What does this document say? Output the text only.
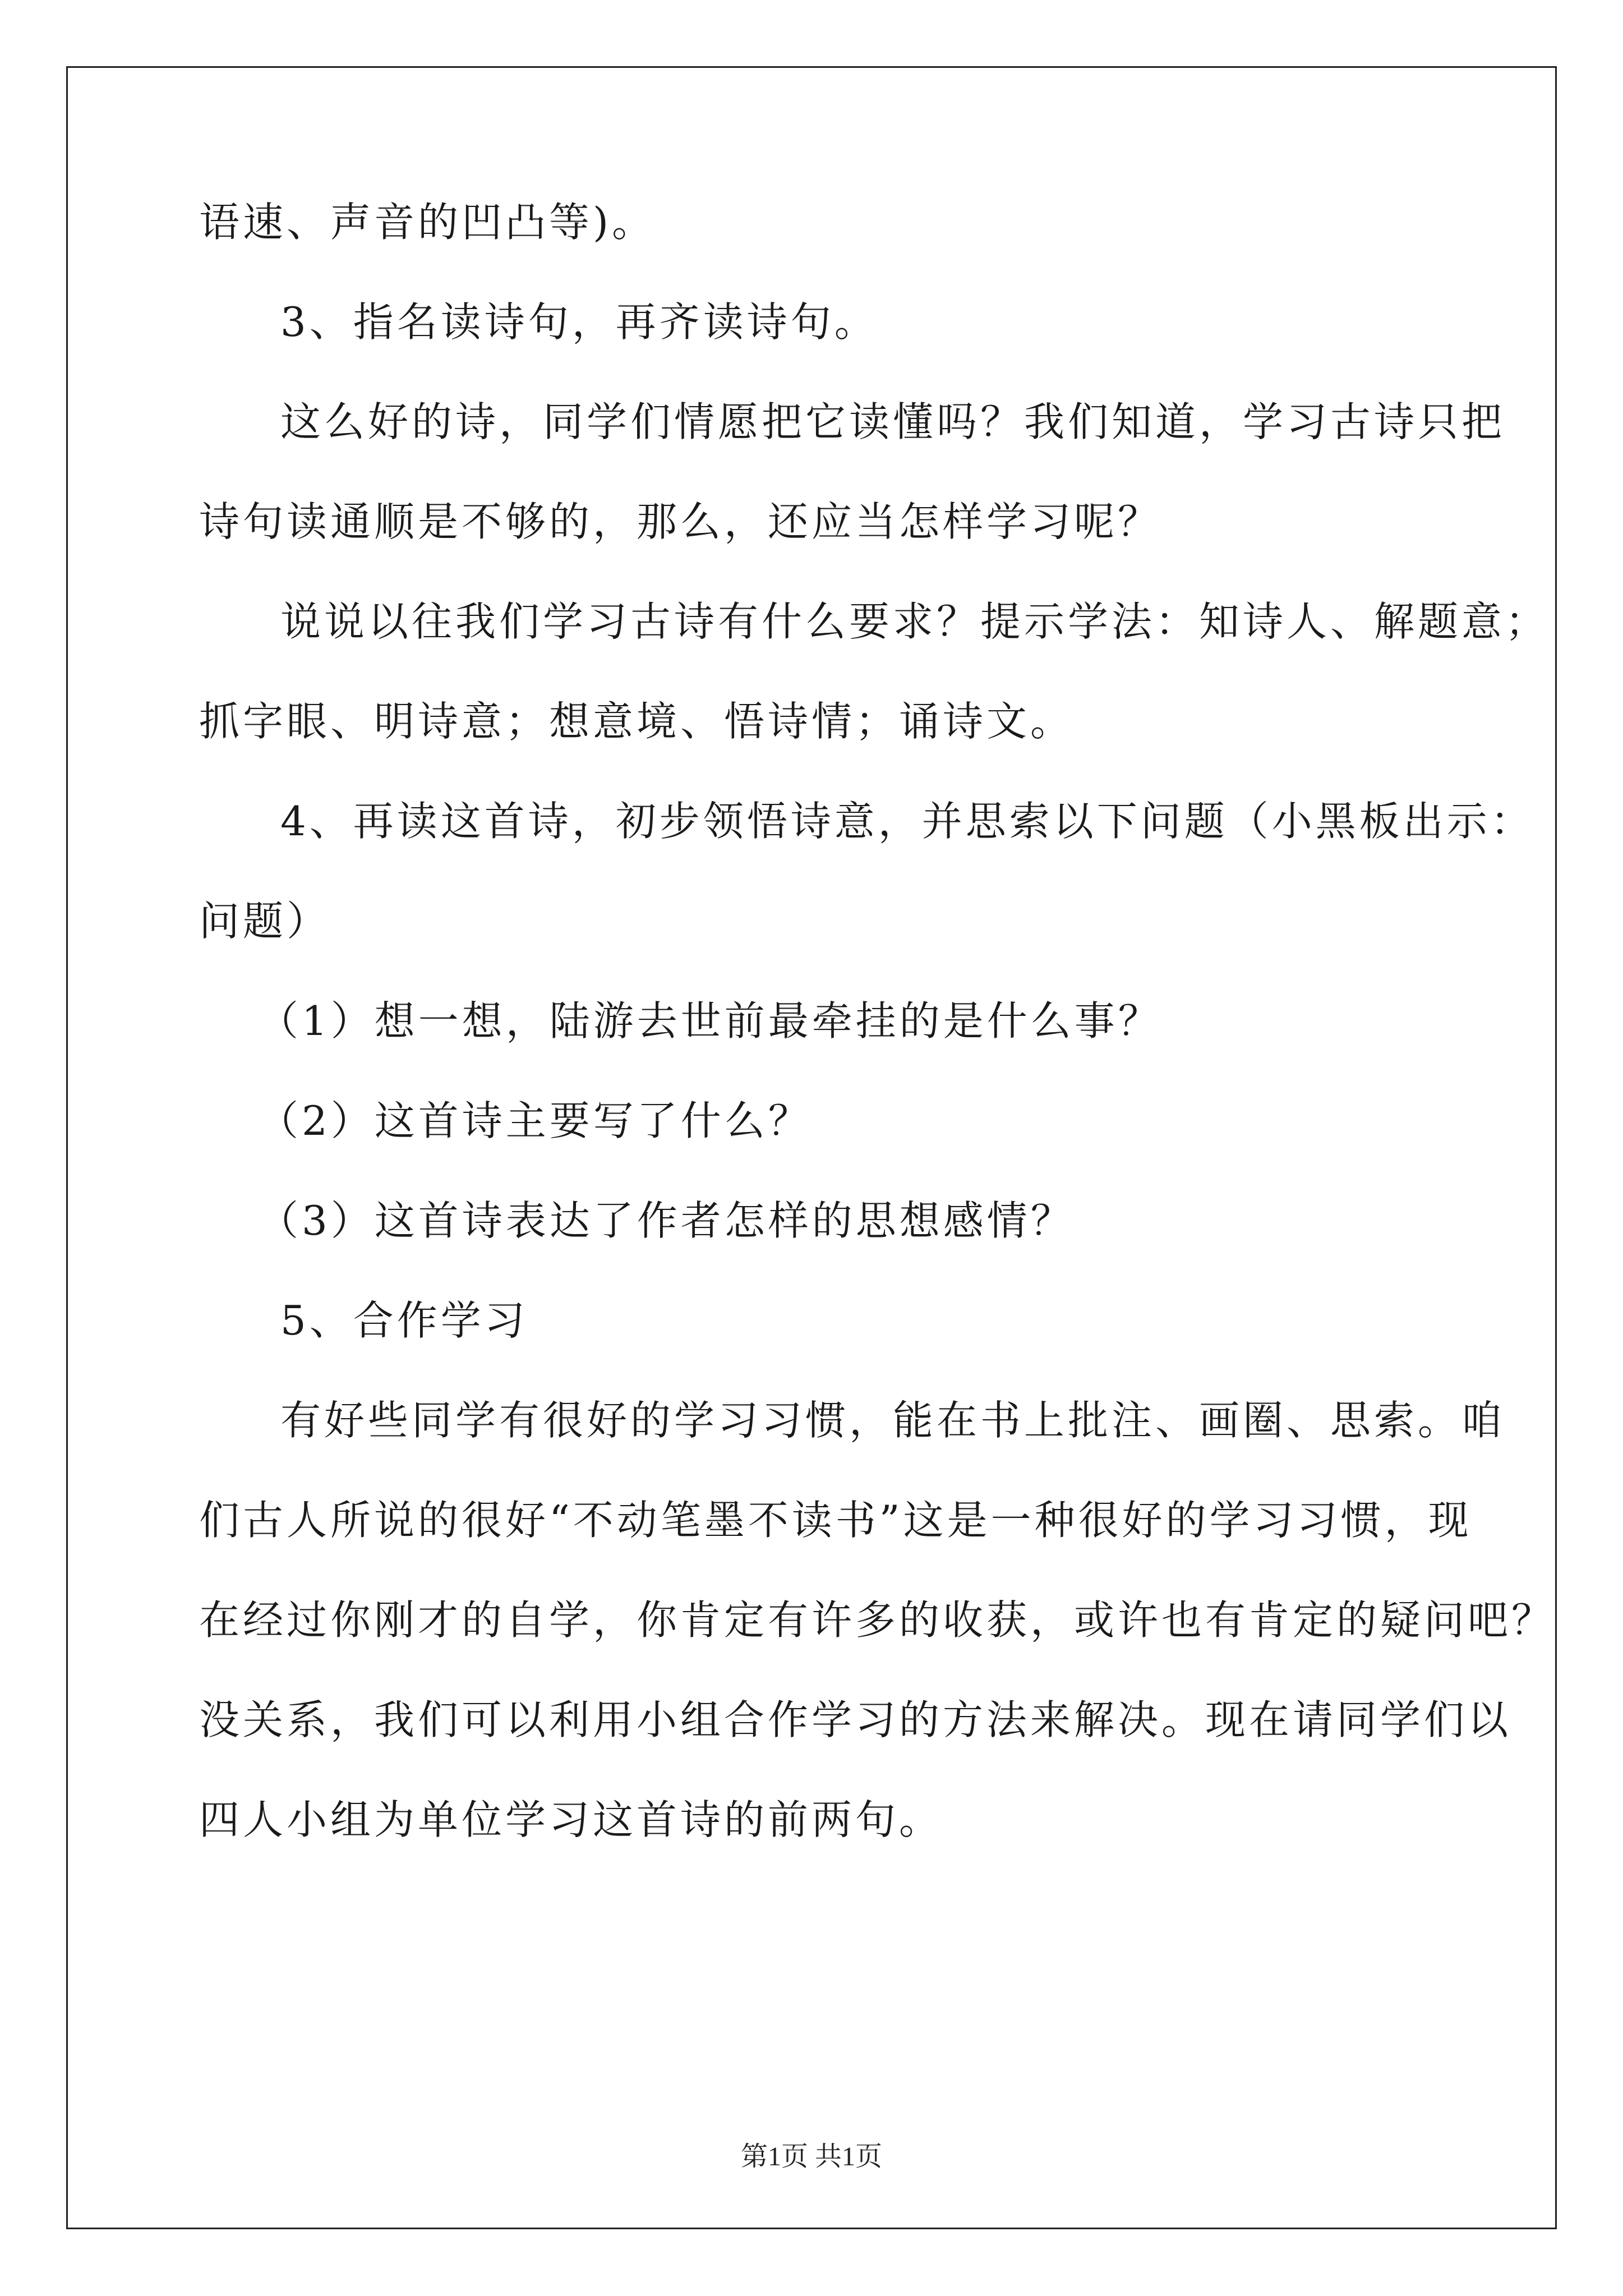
语速、声音的凹凸等)。
3、指名读诗句，再齐读诗句。
这么好的诗，同学们情愿把它读懂吗？我们知道，学习古诗只把
诗句读通顺是不够的，那么，还应当怎样学习呢？
说说以往我们学习古诗有什么要求？提示学法：知诗人、解题意；
抓字眼、明诗意；想意境、悟诗情；诵诗文。
4、再读这首诗，初步领悟诗意，并思索以下问题（小黑板出示：
问题）
（1）想一想，陆游去世前最牵挂的是什么事？
（2）这首诗主要写了什么？
（3）这首诗表达了作者怎样的思想感情？
5、合作学习
有好些同学有很好的学习习惯，能在书上批注、画圈、思索。咱
们古人所说的很好“不动笔墨不读书”这是一种很好的学习习惯，现
在经过你刚才的自学，你肯定有许多的收获，或许也有肯定的疑问吧？
没关系，我们可以利用小组合作学习的方法来解决。现在请同学们以
四人小组为单位学习这首诗的前两句。
第1页 共1页
